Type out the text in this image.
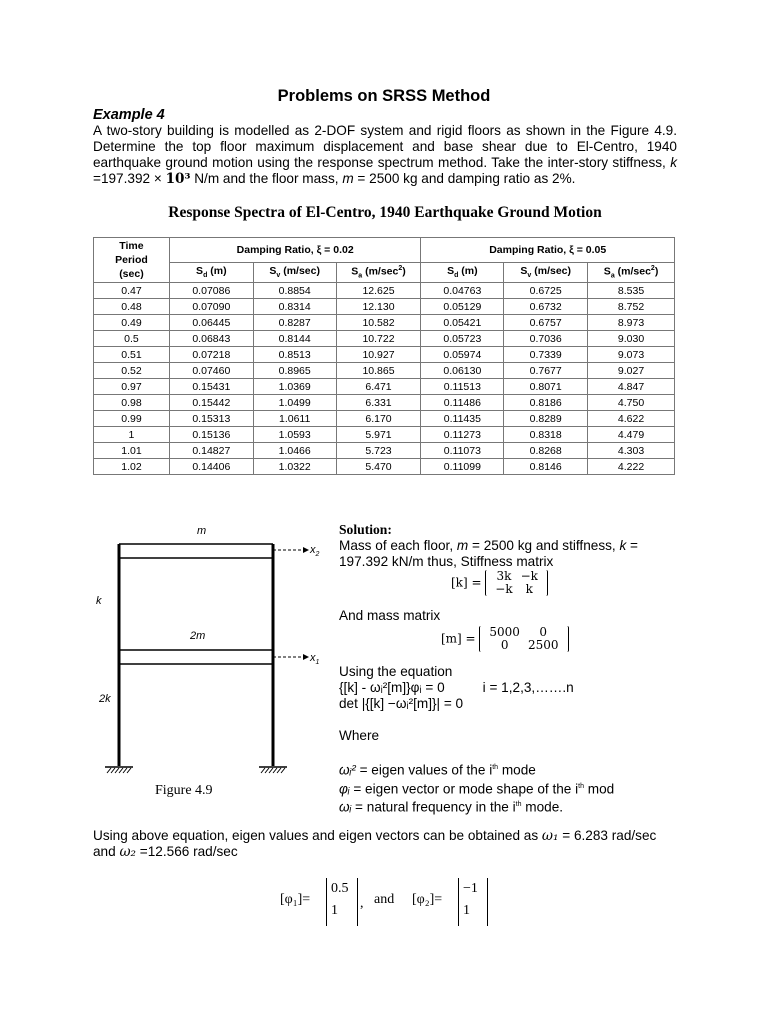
Problems on SRSS Method
Example 4
A two-story building is modelled as 2-DOF system and rigid floors as shown in the Figure 4.9. Determine the top floor maximum displacement and base shear due to El-Centro, 1940 earthquake ground motion using the response spectrum method. Take the inter-story stiffness, k =197.392 × 10³ N/m and the floor mass, m = 2500 kg and damping ratio as 2%.
Response Spectra of El-Centro, 1940 Earthquake Ground Motion
Time Period (sec)	Damping Ratio, ξ = 0.02			Damping Ratio, ξ = 0.05		
	$S_d$ (m)	$S_v$ (m/sec)	$S_a$ $(m/\sec^2)$	$S_d$ (m)	$S_v$ (m/sec)	$S_a$ $(m/\sec^2)$
0.47	0.07086	0.8854	12.625	0.04763	0.6725	8.535
0.48	0.07090	0.8314	12.130	0.05129	0.6732	8.752
0.49	0.06445	0.8287	10.582	0.05421	0.6757	8.973
0.5	0.06843	0.8144	10.722	0.05723	0.7036	9.030
0.51	0.07218	0.8513	10.927	0.05974	0.7339	9.073
0.52	0.07460	0.8965	10.865	0.06130	0.7677	9.027
0.97	0.15431	1.0369	6.471	0.11513	0.8071	4.847
0.98	0.15442	1.0499	6.331	0.11486	0.8186	4.750
0.99	0.15313	1.0611	6.170	0.11435	0.8289	4.622
1	0.15136	1.0593	5.971	0.11273	0.8318	4.479
1.01	0.14827	1.0466	5.723	0.11073	0.8268	4.303
1.02	0.14406	1.0322	5.470	0.11099	0.8146	4.222
m
2m
k
2k
$x_2$
$x_1$
Figure 4.9
Solution:
Mass of each floor, m = 2500 kg and stiffness, k =
197.392 kN/m thus, Stiffness matrix
[k] = 3k	−k
−k	k
And mass matrix
[m] = 5000	0
0	2500
Using the equation
{[k] - ωᵢ²[m]}φᵢ = 0	i = 1,2,3,…….n
det |{[k] −ωᵢ²[m]}| = 0
Where
ωᵢ² = eigen values of the $i^{th}$ mode
φᵢ = eigen vector or mode shape of the $i^{th}$ mod
ωᵢ = natural frequency in the $i^{th}$ mode.
Using above equation, eigen values and eigen vectors can be obtained as ω₁ = 6.283 rad/sec
and ω₂ =12.566 rad/sec
[φ₁]=
0.5
1	, and [φ₂]=
−1
1
